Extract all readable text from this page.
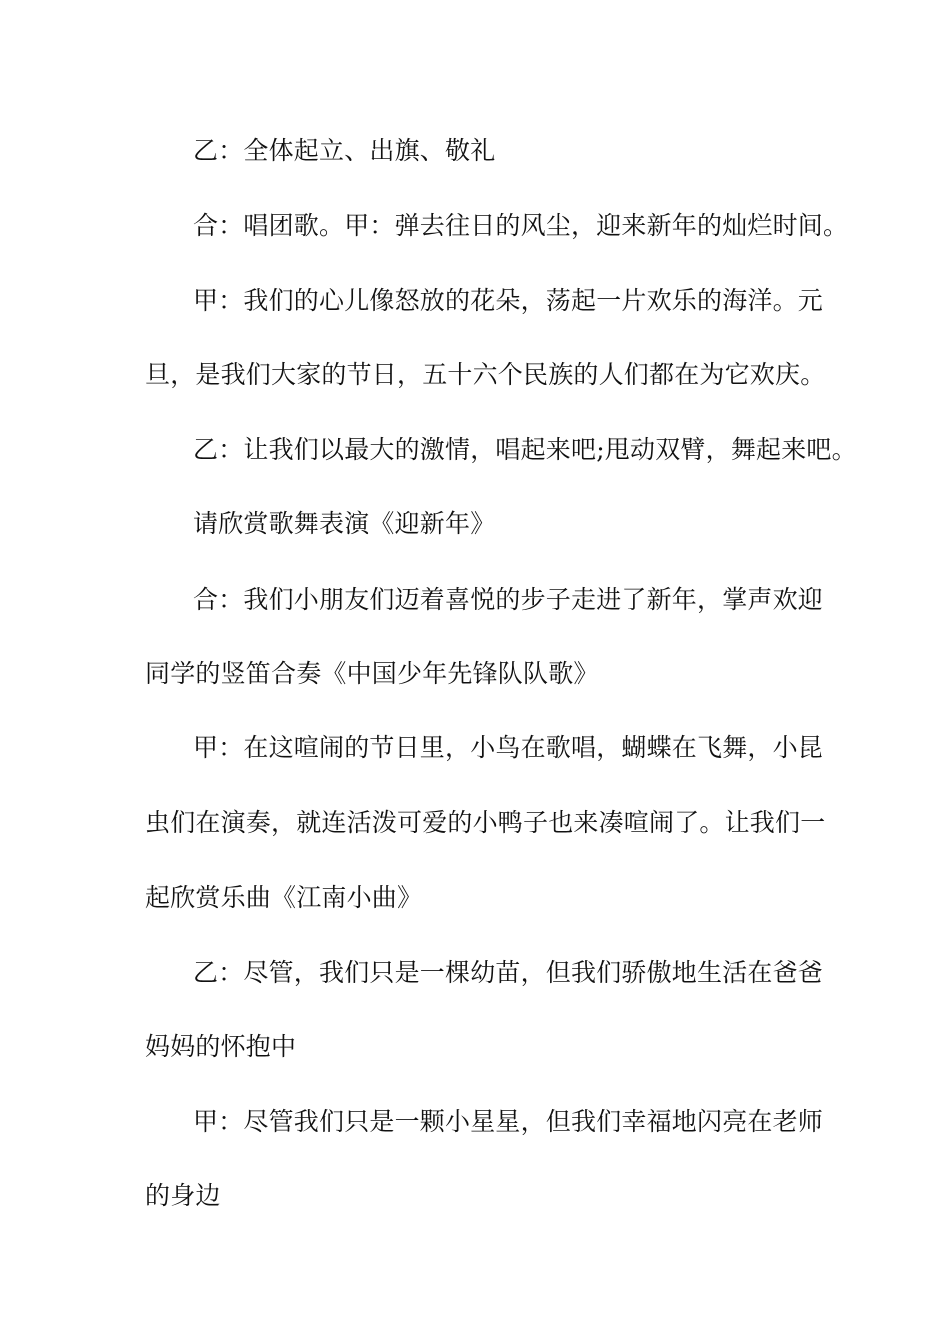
乙：全体起立、出旗、敬礼
合：唱团歌。甲：弹去往日的风尘，迎来新年的灿烂时间。
甲：我们的心儿像怒放的花朵，荡起一片欢乐的海洋。元
旦，是我们大家的节日，五十六个民族的人们都在为它欢庆。
乙：让我们以最大的激情，唱起来吧;甩动双臂，舞起来吧。
请欣赏歌舞表演《迎新年》
合：我们小朋友们迈着喜悦的步子走进了新年，掌声欢迎
同学的竖笛合奏《中国少年先锋队队歌》
甲：在这喧闹的节日里，小鸟在歌唱，蝴蝶在飞舞，小昆
虫们在演奏，就连活泼可爱的小鸭子也来凑喧闹了。让我们一
起欣赏乐曲《江南小曲》
乙：尽管，我们只是一棵幼苗，但我们骄傲地生活在爸爸
妈妈的怀抱中
甲：尽管我们只是一颗小星星，但我们幸福地闪亮在老师
的身边
